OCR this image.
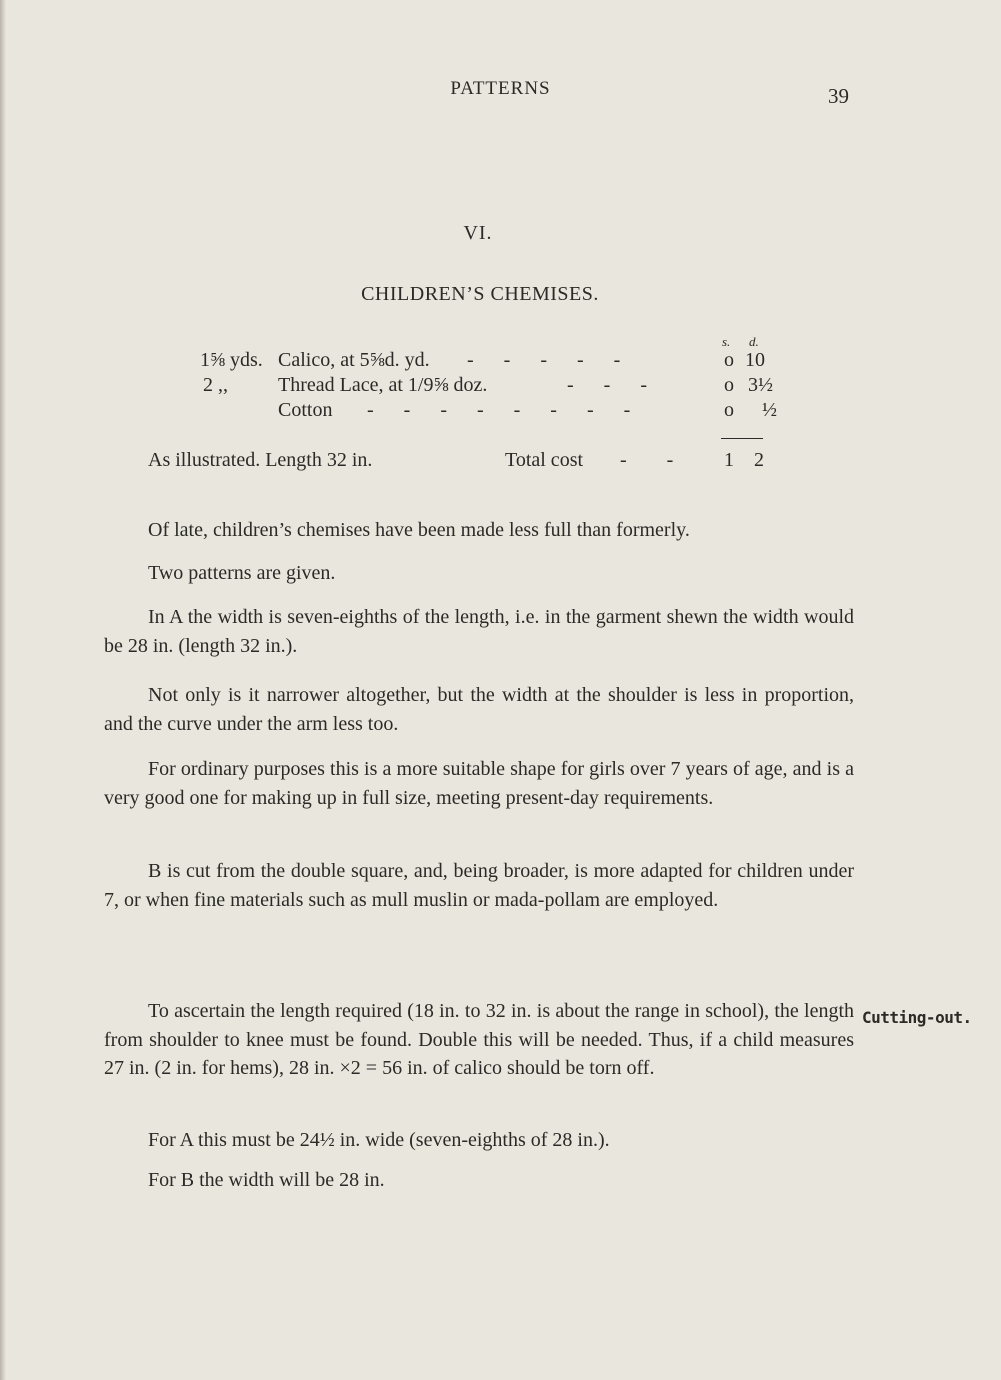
PATTERNS	39
VI.
CHILDREN’S CHEMISES.
s. d.
1⅝ yds. Calico, at 5⅝d. yd. -      -      -      -      -	o 10
2 ,,	Thread Lace, at 1/9⅝ doz.	-      -      -	o 3½
Cotton -      -      -      -      -      -      -      -	o ½
As illustrated. Length 32 in.	Total cost -        -	1 2

Of late, children’s chemises have been made less full than formerly.

Two patterns are given.

In A the width is seven-eighths of the length, i.e. in the garment shewn the width would be 28 in. (length 32 in.).

Not only is it narrower altogether, but the width at the shoulder is less in proportion, and the curve under the arm less too.

For ordinary purposes this is a more suitable shape for girls over 7 years of age, and is a very good one for making up in full size, meeting present-day requirements.

B is cut from the double square, and, being broader, is more adapted for children under 7, or when fine materials such as mull muslin or mada-pollam are employed.

To ascertain the length required (18 in. to 32 in. is about the range in school), the length from shoulder to knee must be found. Double this will be needed. Thus, if a child measures 27 in. (2 in. for hems), 28 in. ×2 = 56 in. of calico should be torn off.

For A this must be 24½ in. wide (seven-eighths of 28 in.).

For B the width will be 28 in.

Cutting-out.
